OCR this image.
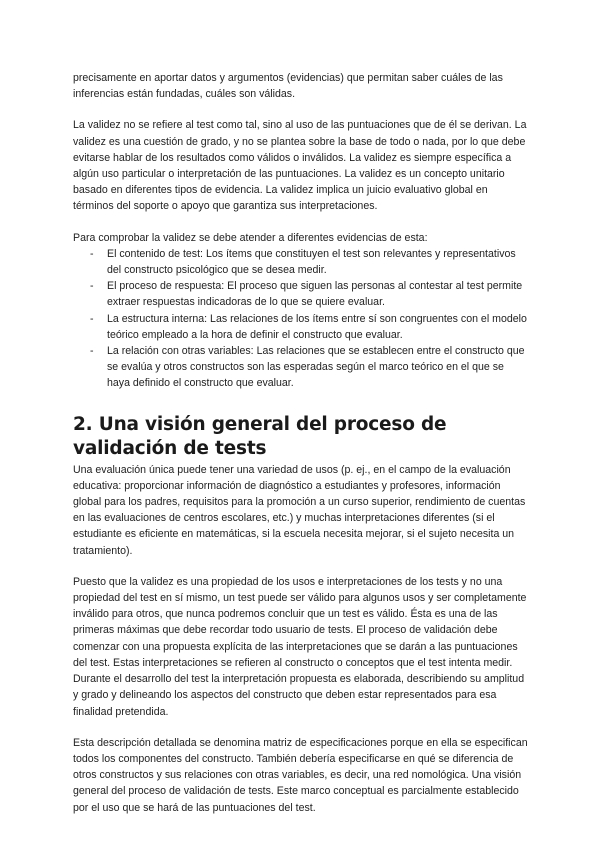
precisamente en aportar datos y argumentos (evidencias) que permitan saber cuáles de las inferencias están fundadas, cuáles son válidas.

La validez no se refiere al test como tal, sino al uso de las puntuaciones que de él se derivan. La validez es una cuestión de grado, y no se plantea sobre la base de todo o nada, por lo que debe evitarse hablar de los resultados como válidos o inválidos. La validez es siempre específica a algún uso particular o interpretación de las puntuaciones. La validez es un concepto unitario basado en diferentes tipos de evidencia. La validez implica un juicio evaluativo global en términos del soporte o apoyo que garantiza sus interpretaciones.

Para comprobar la validez se debe atender a diferentes evidencias de esta:

- El contenido de test: Los ítems que constituyen el test son relevantes y representativos del constructo psicológico que se desea medir.
- El proceso de respuesta: El proceso que siguen las personas al contestar al test permite extraer respuestas indicadoras de lo que se quiere evaluar.
- La estructura interna: Las relaciones de los ítems entre sí son congruentes con el modelo teórico empleado a la hora de definir el constructo que evaluar.
- La relación con otras variables: Las relaciones que se establecen entre el constructo que se evalúa y otros constructos son las esperadas según el marco teórico en el que se haya definido el constructo que evaluar.
2. Una visión general del proceso de validación de tests

Una evaluación única puede tener una variedad de usos (p. ej., en el campo de la evaluación educativa: proporcionar información de diagnóstico a estudiantes y profesores, información global para los padres, requisitos para la promoción a un curso superior, rendimiento de cuentas en las evaluaciones de centros escolares, etc.) y muchas interpretaciones diferentes (si el estudiante es eficiente en matemáticas, si la escuela necesita mejorar, si el sujeto necesita un tratamiento).

Puesto que la validez es una propiedad de los usos e interpretaciones de los tests y no una propiedad del test en sí mismo, un test puede ser válido para algunos usos y ser completamente inválido para otros, que nunca podremos concluir que un test es válido. Ésta es una de las primeras máximas que debe recordar todo usuario de tests. El proceso de validación debe comenzar con una propuesta explícita de las interpretaciones que se darán a las puntuaciones del test. Estas interpretaciones se refieren al constructo o conceptos que el test intenta medir. Durante el desarrollo del test la interpretación propuesta es elaborada, describiendo su amplitud y grado y delineando los aspectos del constructo que deben estar representados para esa finalidad pretendida.

Esta descripción detallada se denomina matriz de especificaciones porque en ella se especifican todos los componentes del constructo. También debería especificarse en qué se diferencia de otros constructos y sus relaciones con otras variables, es decir, una red nomológica. Una visión general del proceso de validación de tests. Este marco conceptual es parcialmente establecido por el uso que se hará de las puntuaciones del test.
